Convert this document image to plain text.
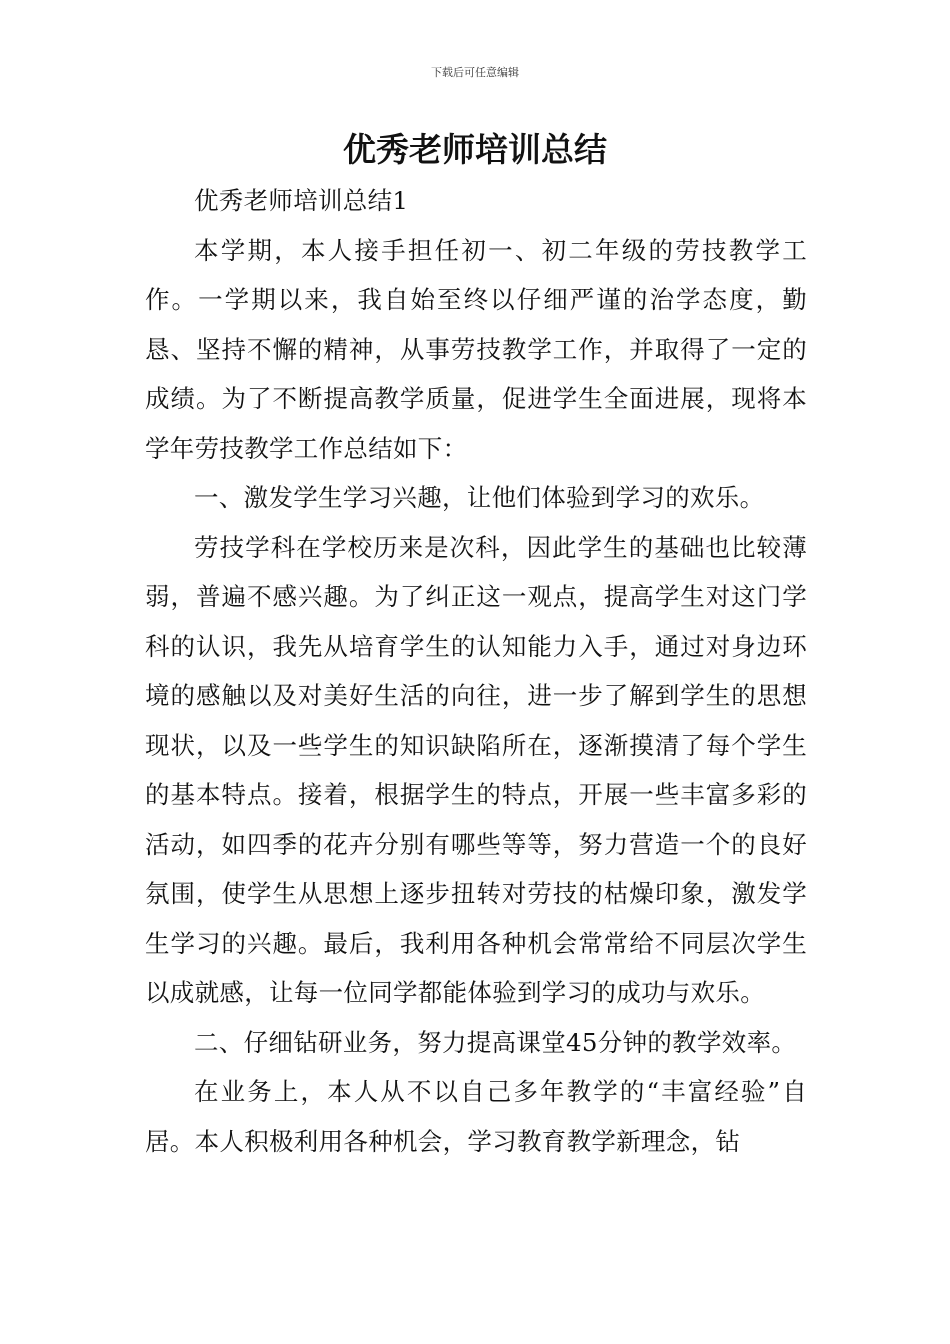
下载后可任意编辑
优秀老师培训总结

优秀老师培训总结1

本学期，本人接手担任初一、初二年级的劳技教学工作。一学期以来，我自始至终以仔细严谨的治学态度，勤恳、坚持不懈的精神，从事劳技教学工作，并取得了一定的成绩。为了不断提高教学质量，促进学生全面进展，现将本学年劳技教学工作总结如下：

一、激发学生学习兴趣，让他们体验到学习的欢乐。

劳技学科在学校历来是次科，因此学生的基础也比较薄弱，普遍不感兴趣。为了纠正这一观点，提高学生对这门学科的认识，我先从培育学生的认知能力入手，通过对身边环境的感触以及对美好生活的向往，进一步了解到学生的思想现状，以及一些学生的知识缺陷所在，逐渐摸清了每个学生的基本特点。接着，根据学生的特点，开展一些丰富多彩的活动，如四季的花卉分别有哪些等等，努力营造一个的良好氛围，使学生从思想上逐步扭转对劳技的枯燥印象，激发学生学习的兴趣。最后，我利用各种机会常常给不同层次学生以成就感，让每一位同学都能体验到学习的成功与欢乐。

二、仔细钻研业务，努力提高课堂45分钟的教学效率。

在业务上，本人从不以自己多年教学的“丰富经验”自居。本人积极利用各种机会，学习教育教学新理念，钻
